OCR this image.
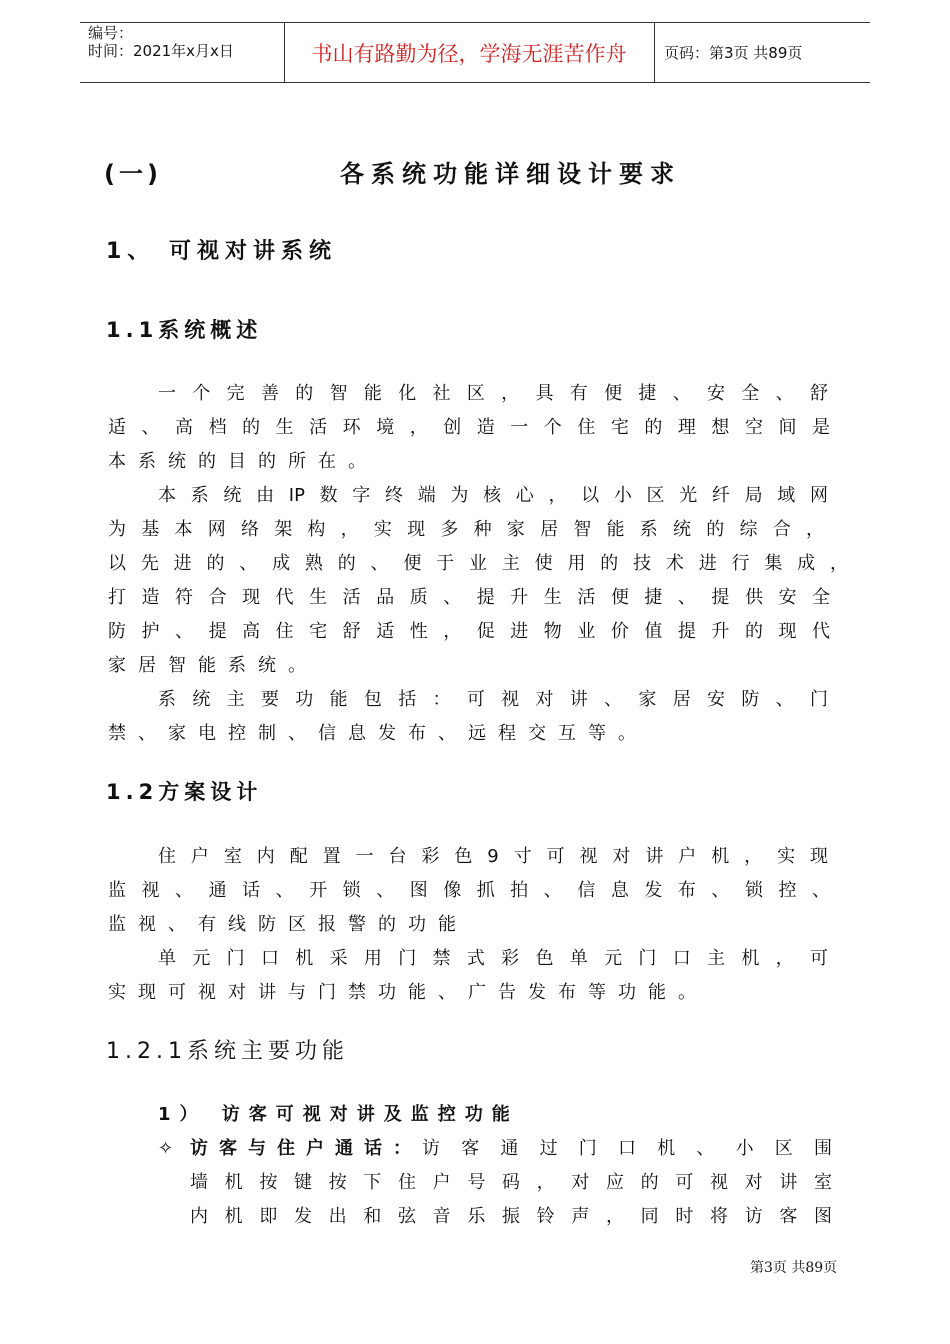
编号：
时间：2021年x月x日	书山有路勤为径，学海无涯苦作舟	页码：第3页 共89页
(一)	各系统功能详细设计要求
1、 可视对讲系统
1.1系统概述
一个完善的智能化社区，具有便捷、安全、舒
适、高档的生活环境，创造一个住宅的理想空间是
本系统的目的所在。
本系统由IP数字终端为核心，以小区光纤局域网
为基本网络架构，实现多种家居智能系统的综合，
以先进的、成熟的、便于业主使用的技术进行集成，
打造符合现代生活品质、提升生活便捷、提供安全
防护、提高住宅舒适性，促进物业价值提升的现代
家居智能系统。
系统主要功能包括：可视对讲、家居安防、门
禁、家电控制、信息发布、远程交互等。
1.2方案设计
住户室内配置一台彩色9寸可视对讲户机，实现
监视、通话、开锁、图像抓拍、信息发布、锁控、
监视、有线防区报警的功能
单元门口机采用门禁式彩色单元门口主机，可
实现可视对讲与门禁功能、广告发布等功能。
1.2.1系统主要功能
1） 访客可视对讲及监控功能
✧ 访客与住户通话： 访客通过门口机、小区围
墙机按键按下住户号码，对应的可视对讲室
内机即发出和弦音乐振铃声，同时将访客图
第3页 共89页
